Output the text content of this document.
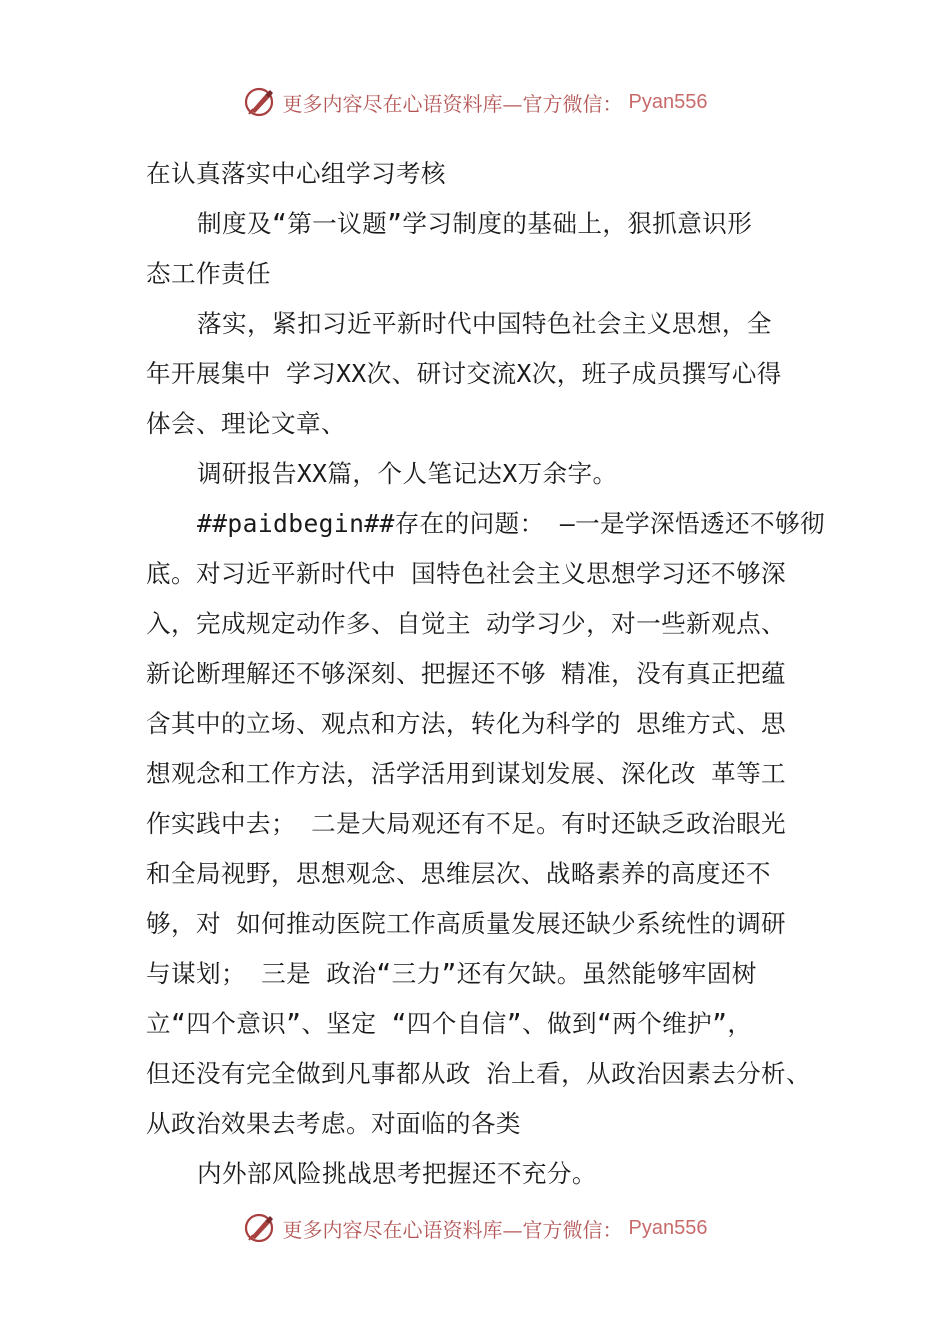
更多内容尽在心语资料库—官方微信： Pyan556
在认真落实中心组学习考核
制度及“第一议题”学习制度的基础上，狠抓意识形
态工作责任
落实，紧扣习近平新时代中国特色社会主义思想，全
年开展集中 学习XX次、研讨交流X次，班子成员撰写心得
体会、理论文章、
调研报告XX篇，个人笔记达X万余字。
##paidbegin##存在的问题： —一是学深悟透还不够彻
底。对习近平新时代中 国特色社会主义思想学习还不够深
入，完成规定动作多、自觉主 动学习少，对一些新观点、
新论断理解还不够深刻、把握还不够 精准，没有真正把蕴
含其中的立场、观点和方法，转化为科学的 思维方式、思
想观念和工作方法，活学活用到谋划发展、深化改 革等工
作实践中去； 二是大局观还有不足。有时还缺乏政治眼光
和全局视野，思想观念、思维层次、战略素养的高度还不
够，对 如何推动医院工作高质量发展还缺少系统性的调研
与谋划； 三是 政治“三力”还有欠缺。虽然能够牢固树
立“四个意识”、坚定 “四个自信”、做到“两个维护”，
但还没有完全做到凡事都从政 治上看，从政治因素去分析、
从政治效果去考虑。对面临的各类
内外部风险挑战思考把握还不充分。
更多内容尽在心语资料库—官方微信： Pyan556
